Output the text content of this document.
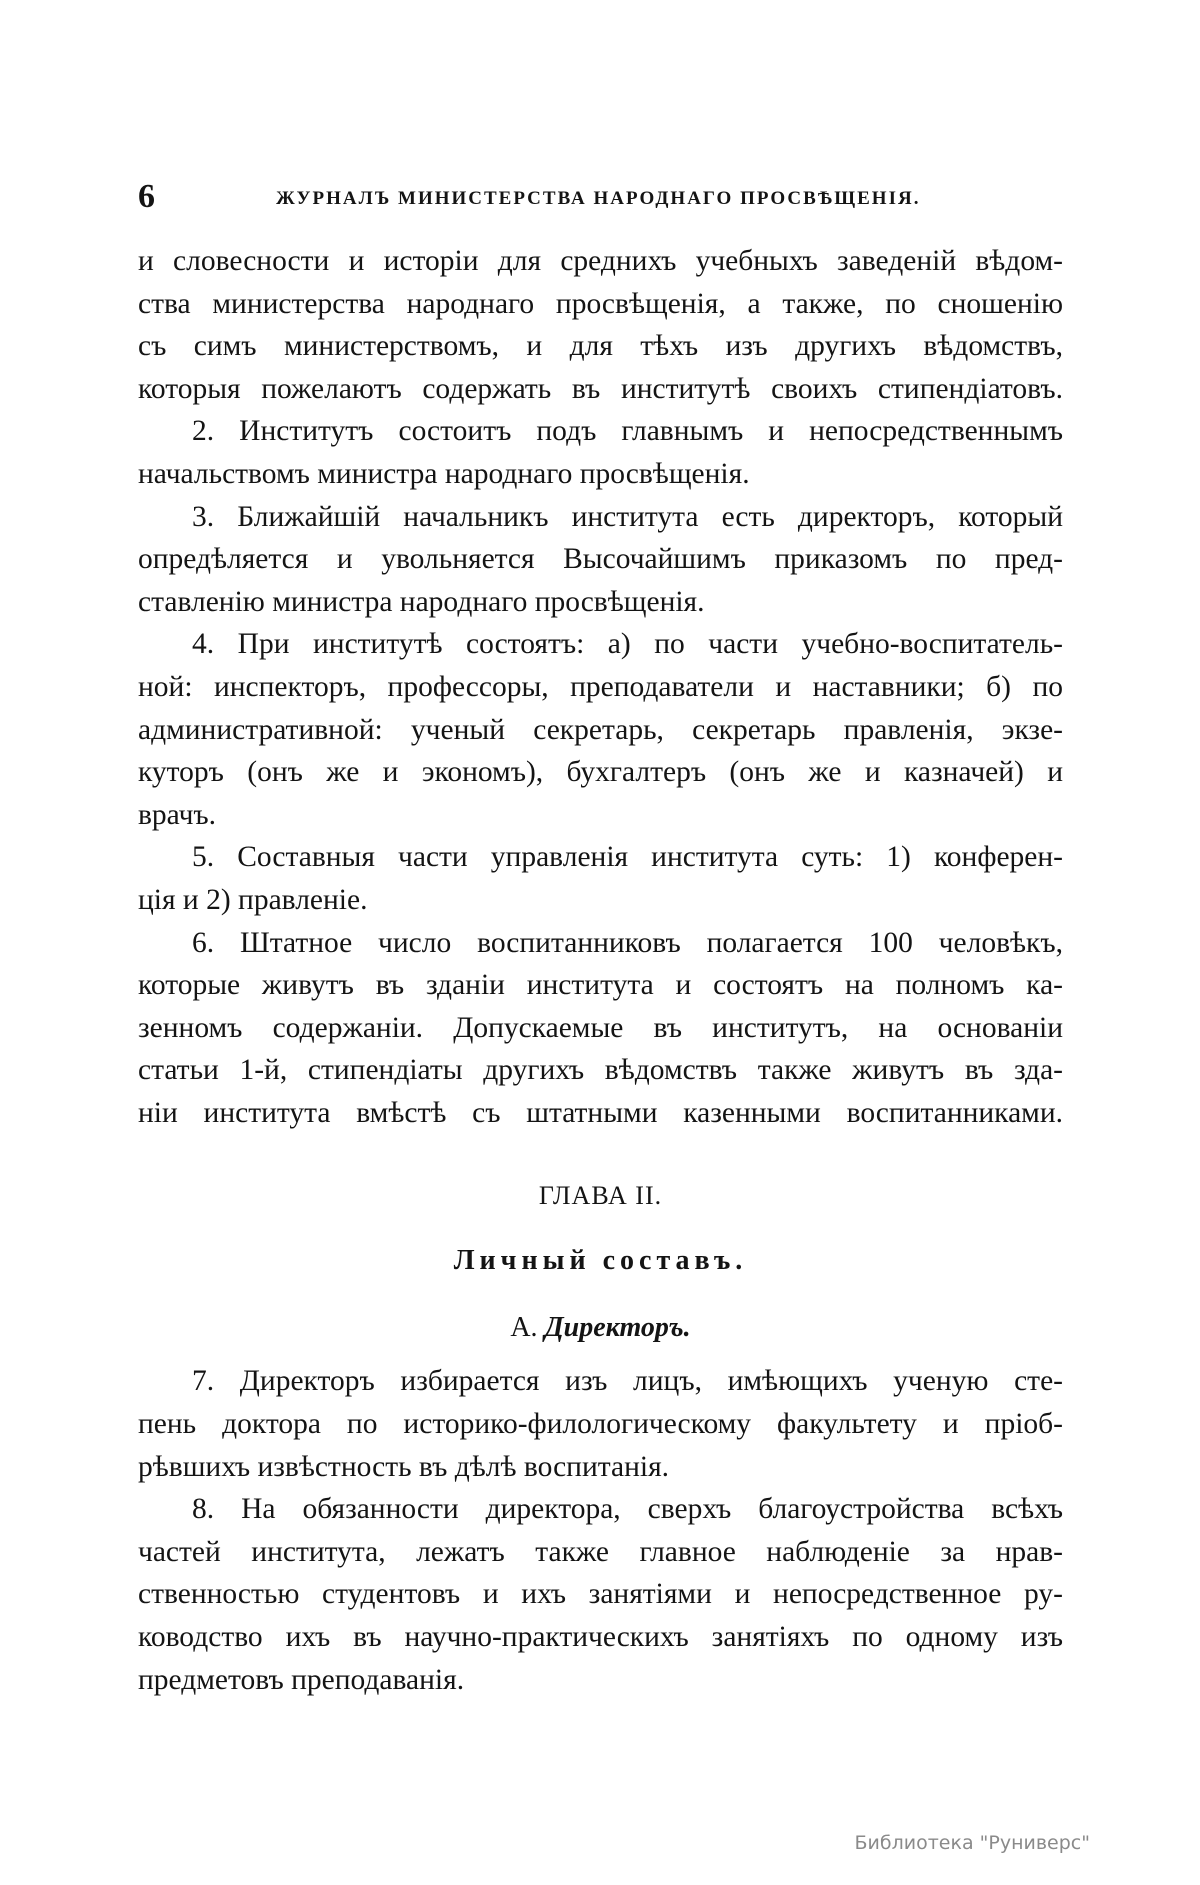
6	ЖУРНАЛЪ МИНИСТЕРСТВА НАРОДНАГО ПРОСВѢЩЕНІЯ.
и словесности и исторіи для среднихъ учебныхъ заведеній вѣдом-
ства министерства народнаго просвѣщенія, а также, по сношенію
съ симъ министерствомъ, и для тѣхъ изъ другихъ вѣдомствъ,
которыя пожелаютъ содержать въ институтѣ своихъ стипендіатовъ.
2. Институтъ состоитъ подъ главнымъ и непосредственнымъ
начальствомъ министра народнаго просвѣщенія.
3. Ближайшій начальникъ института есть директоръ, который
опредѣляется и увольняется Высочайшимъ приказомъ по пред-
ставленію министра народнаго просвѣщенія.
4. При институтѣ состоятъ: а) по части учебно-воспитатель-
ной: инспекторъ, профессоры, преподаватели и наставники; б) по
административной: ученый секретарь, секретарь правленія, экзе-
куторъ (онъ же и экономъ), бухгалтеръ (онъ же и казначей) и
врачъ.
5. Составныя части управленія института суть: 1) конферен-
ція и 2) правленіе.
6. Штатное число воспитанниковъ полагается 100 человѣкъ,
которые живутъ въ зданіи института и состоятъ на полномъ ка-
зенномъ содержаніи. Допускаемые въ институтъ, на основаніи
статьи 1-й, стипендіаты другихъ вѣдомствъ также живутъ въ зда-
ніи института вмѣстѣ съ штатными казенными воспитанниками.
ГЛАВА II.
Личный составъ.
А. Директоръ.
7. Директоръ избирается изъ лицъ, имѣющихъ ученую сте-
пень доктора по историко-филологическому факультету и пріоб-
рѣвшихъ извѣстность въ дѣлѣ воспитанія.
8. На обязанности директора, сверхъ благоустройства всѣхъ
частей института, лежатъ также главное наблюденіе за нрав-
ственностью студентовъ и ихъ занятіями и непосредственное ру-
ководство ихъ въ научно-практическихъ занятіяхъ по одному изъ
предметовъ преподаванія.
Библиотека "Руниверс"
